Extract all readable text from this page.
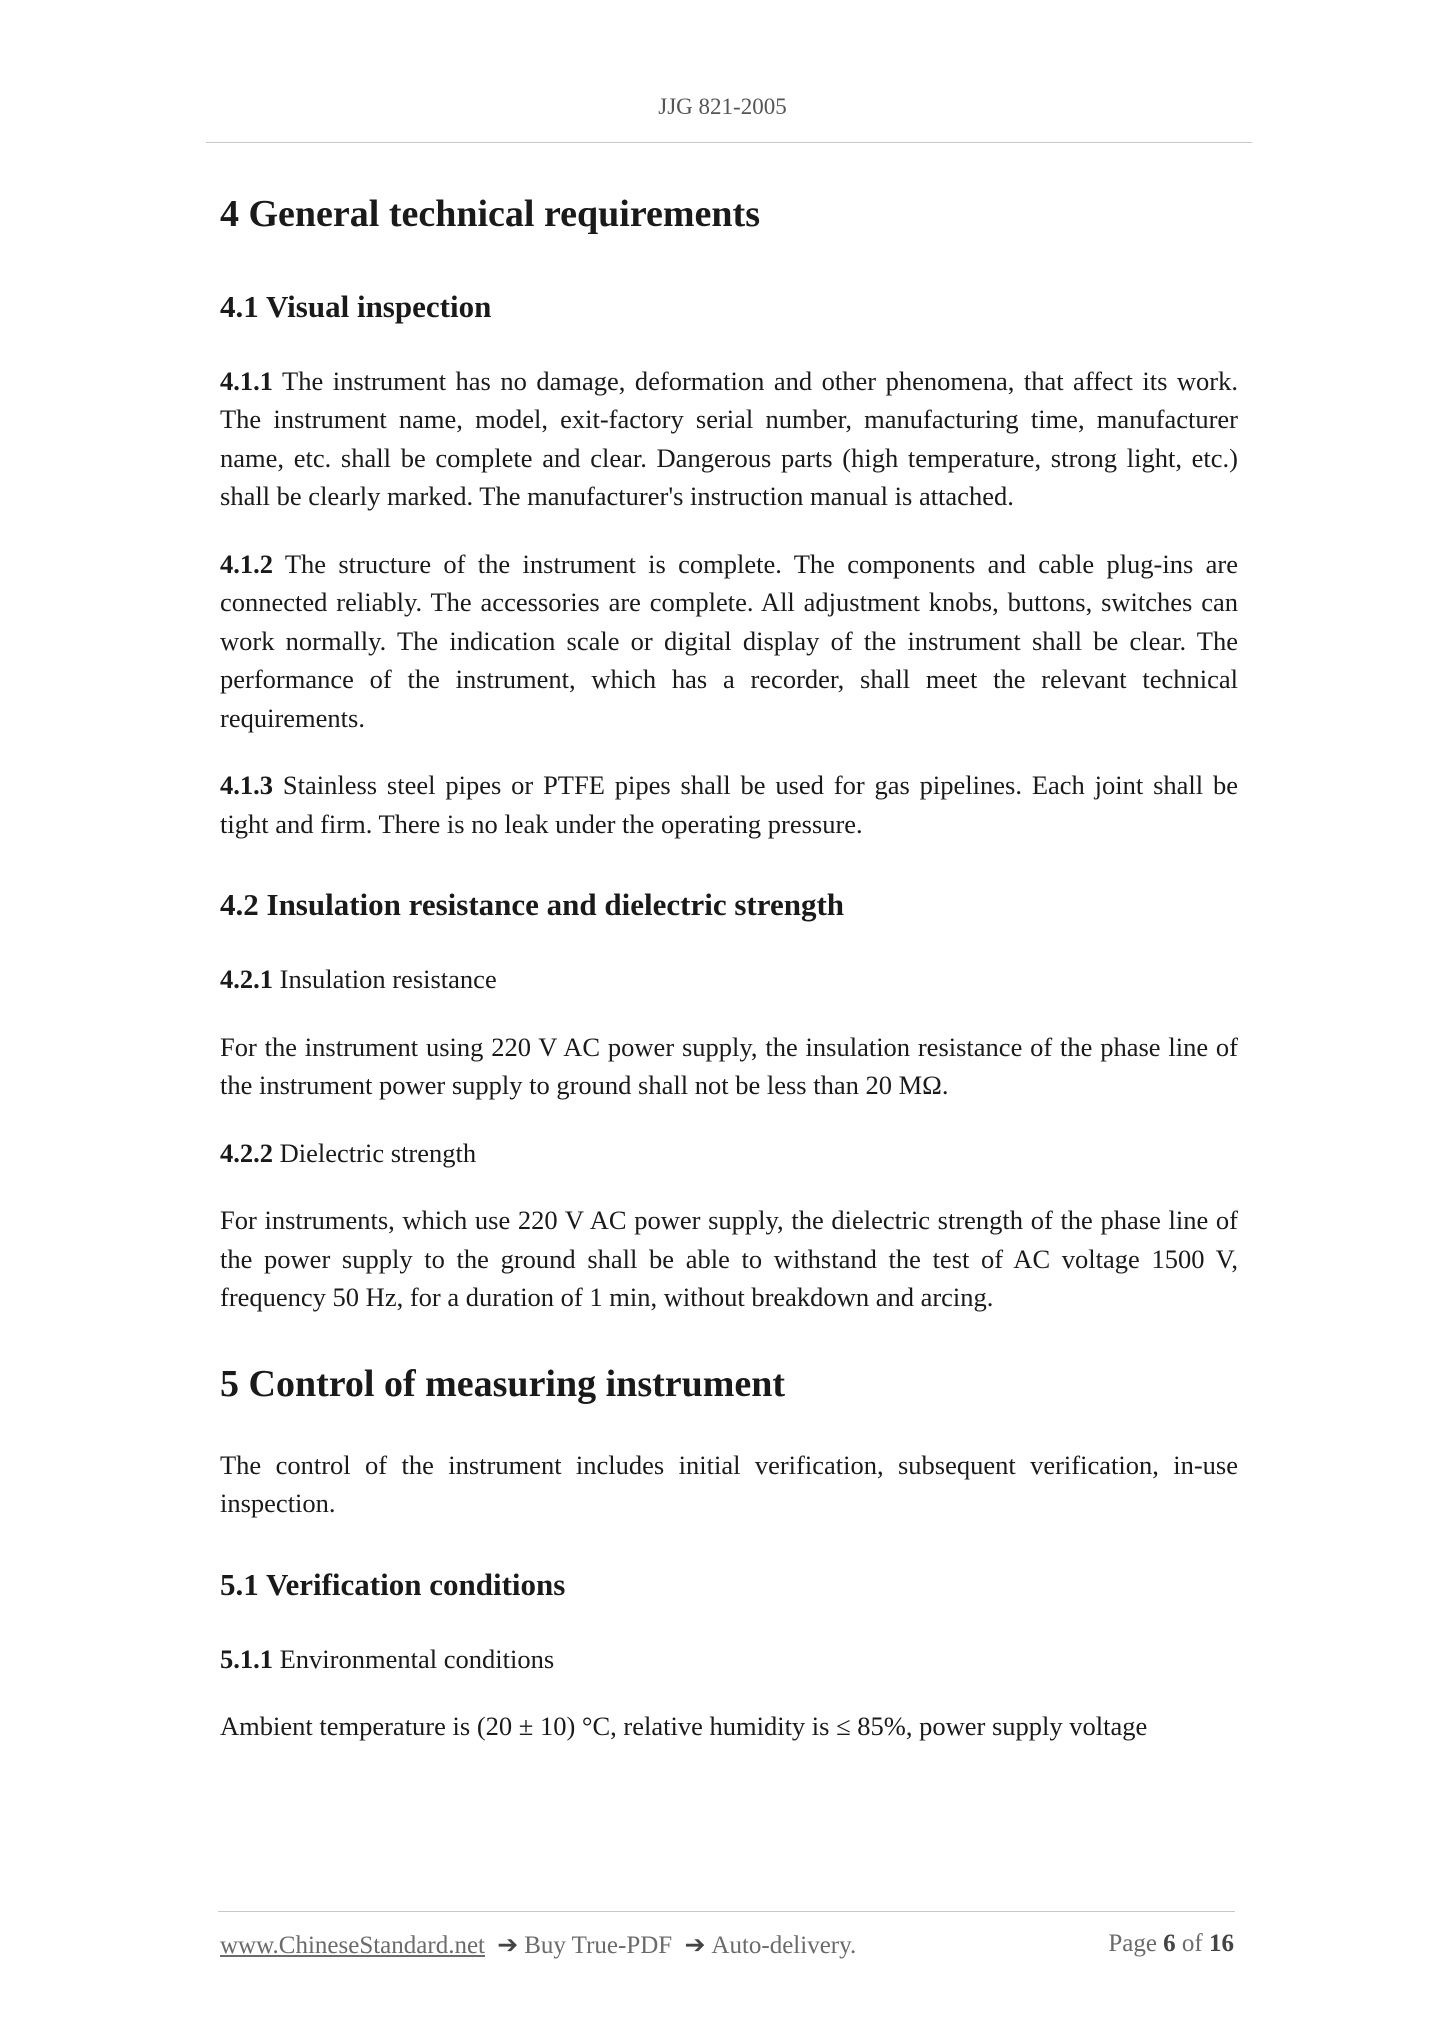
JJG 821-2005
4 General technical requirements
4.1 Visual inspection

4.1.1 The instrument has no damage, deformation and other phenomena, that affect its work. The instrument name, model, exit-factory serial number, manufacturing time, manufacturer name, etc. shall be complete and clear. Dangerous parts (high temperature, strong light, etc.) shall be clearly marked. The manufacturer's instruction manual is attached.

4.1.2 The structure of the instrument is complete. The components and cable plug-ins are connected reliably. The accessories are complete. All adjustment knobs, buttons, switches can work normally. The indication scale or digital display of the instrument shall be clear. The performance of the instrument, which has a recorder, shall meet the relevant technical requirements.

4.1.3 Stainless steel pipes or PTFE pipes shall be used for gas pipelines. Each joint shall be tight and firm. There is no leak under the operating pressure.

4.2 Insulation resistance and dielectric strength

4.2.1 Insulation resistance

For the instrument using 220 V AC power supply, the insulation resistance of the phase line of the instrument power supply to ground shall not be less than 20 MΩ.

4.2.2 Dielectric strength

For instruments, which use 220 V AC power supply, the dielectric strength of the phase line of the power supply to the ground shall be able to withstand the test of AC voltage 1500 V, frequency 50 Hz, for a duration of 1 min, without breakdown and arcing.

5 Control of measuring instrument

The control of the instrument includes initial verification, subsequent verification, in-use inspection.

5.1 Verification conditions

5.1.1 Environmental conditions

Ambient temperature is (20 ± 10) °C, relative humidity is ≤ 85%, power supply voltage

www.ChineseStandard.net ➔ Buy True-PDF ➔ Auto-delivery.	Page 6 of 16
